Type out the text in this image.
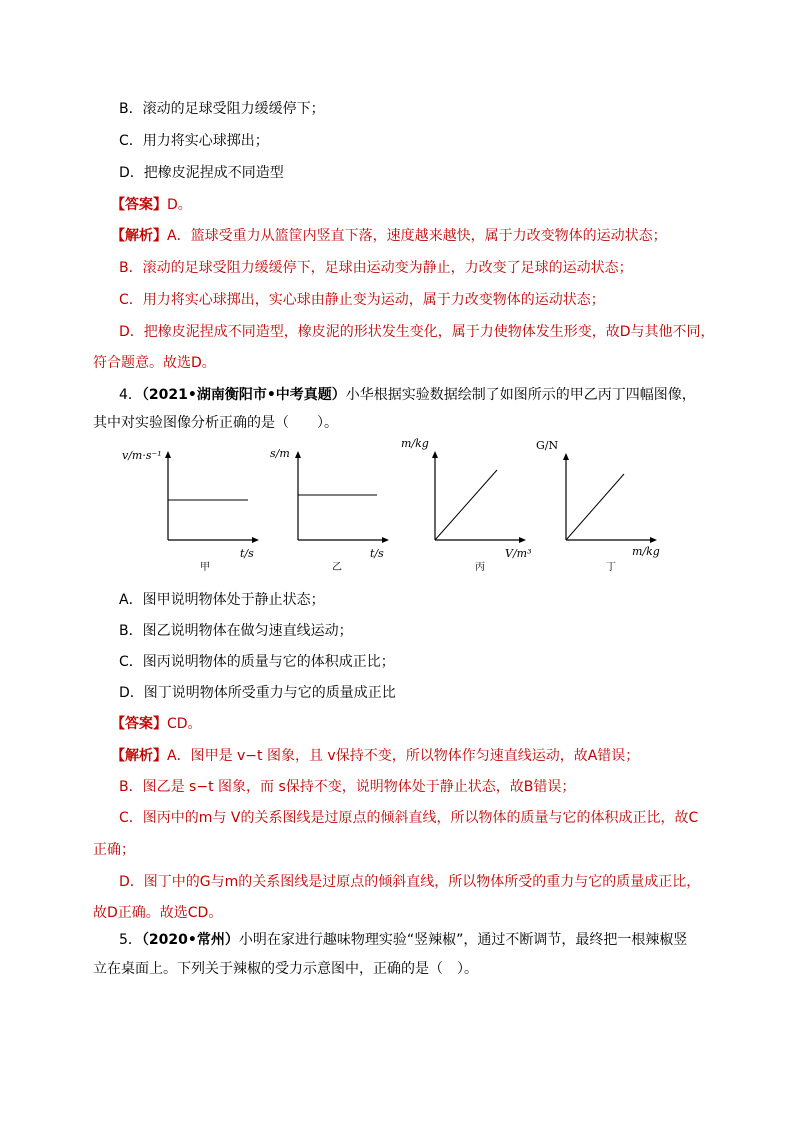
B．滚动的足球受阻力缓缓停下；
C．用力将实心球掷出；
D．把橡皮泥捏成不同造型
【答案】D。
【解析】A．篮球受重力从篮筐内竖直下落，速度越来越快，属于力改变物体的运动状态；
B．滚动的足球受阻力缓缓停下，足球由运动变为静止，力改变了足球的运动状态；
C．用力将实心球掷出，实心球由静止变为运动，属于力改变物体的运动状态；
D．把橡皮泥捏成不同造型，橡皮泥的形状发生变化，属于力使物体发生形变，故D与其他不同，
符合题意。故选D。
4．（2021•湖南衡阳市•中考真题）小华根据实验数据绘制了如图所示的甲乙丙丁四幅图像，
其中对实验图像分析正确的是（　　）。
v/m·s⁻¹
t/s
甲
s/m
t/s
乙
m/kg
V/m³
丙
G/N
m/kg
丁
A．图甲说明物体处于静止状态；
B．图乙说明物体在做匀速直线运动；
C．图丙说明物体的质量与它的体积成正比；
D．图丁说明物体所受重力与它的质量成正比
【答案】CD。
【解析】A．图甲是 v−t 图象，且 v保持不变，所以物体作匀速直线运动，故A错误；
B．图乙是 s−t 图象，而 s保持不变，说明物体处于静止状态，故B错误；
C．图丙中的m与 V的关系图线是过原点的倾斜直线，所以物体的质量与它的体积成正比，故C
正确；
D．图丁中的G与m的关系图线是过原点的倾斜直线，所以物体所受的重力与它的质量成正比，
故D正确。故选CD。
5．（2020•常州）小明在家进行趣味物理实验“竖辣椒”，通过不断调节，最终把一根辣椒竖
立在桌面上。下列关于辣椒的受力示意图中，正确的是（　）。
